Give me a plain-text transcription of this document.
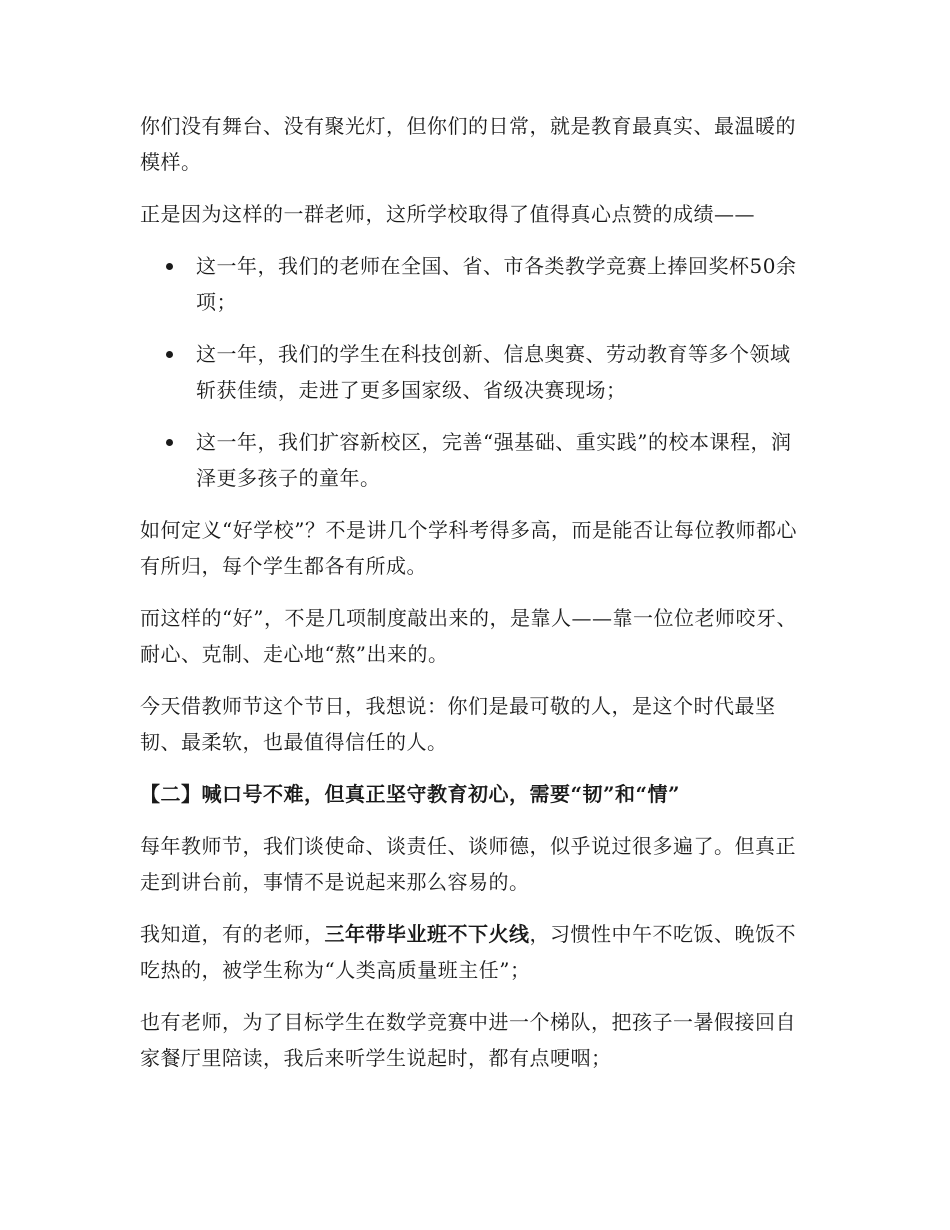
你们没有舞台、没有聚光灯，但你们的日常，就是教育最真实、最温暖的模样。

正是因为这样的一群老师，这所学校取得了值得真心点赞的成绩——

这一年，我们的老师在全国、省、市各类教学竞赛上捧回奖杯50余项；
这一年，我们的学生在科技创新、信息奥赛、劳动教育等多个领域斩获佳绩，走进了更多国家级、省级决赛现场；
这一年，我们扩容新校区，完善“强基础、重实践”的校本课程，润泽更多孩子的童年。

如何定义“好学校”？不是讲几个学科考得多高，而是能否让每位教师都心有所归，每个学生都各有所成。

而这样的“好”，不是几项制度敲出来的，是靠人——靠一位位老师咬牙、耐心、克制、走心地“熬”出来的。

今天借教师节这个节日，我想说：你们是最可敬的人，是这个时代最坚韧、最柔软，也最值得信任的人。

【二】喊口号不难，但真正坚守教育初心，需要“韧”和“情”

每年教师节，我们谈使命、谈责任、谈师德，似乎说过很多遍了。但真正走到讲台前，事情不是说起来那么容易的。

我知道，有的老师，三年带毕业班不下火线，习惯性中午不吃饭、晚饭不吃热的，被学生称为“人类高质量班主任”；

也有老师，为了目标学生在数学竞赛中进一个梯队，把孩子一暑假接回自家餐厅里陪读，我后来听学生说起时，都有点哽咽；
